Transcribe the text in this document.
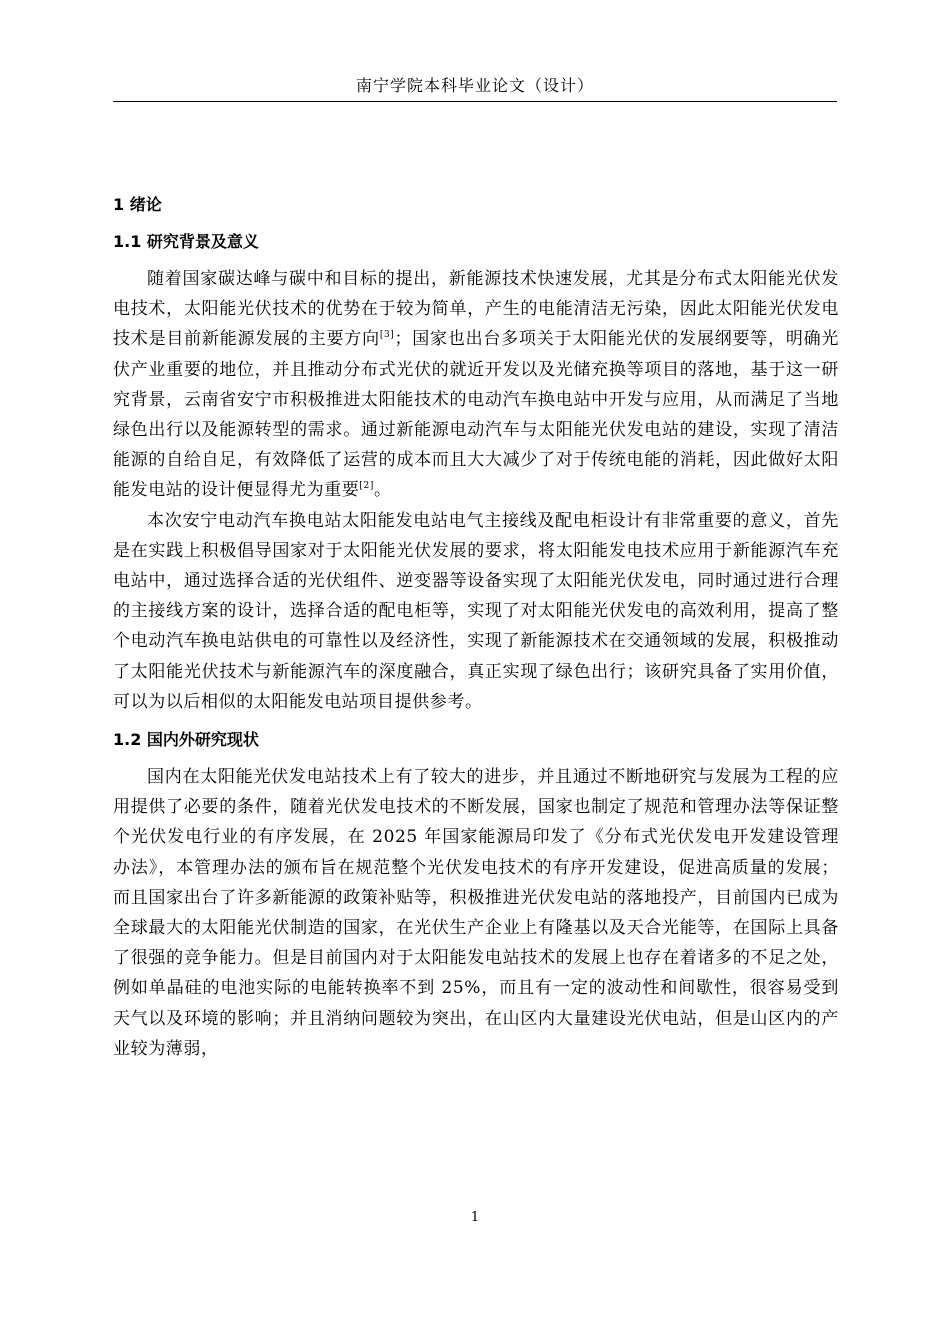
南宁学院本科毕业论文（设计）
1 绪论
1.1 研究背景及意义

随着国家碳达峰与碳中和目标的提出，新能源技术快速发展，尤其是分布式太阳能光伏发电技术，太阳能光伏技术的优势在于较为简单，产生的电能清洁无污染，因此太阳能光伏发电技术是目前新能源发展的主要方向[3]；国家也出台多项关于太阳能光伏的发展纲要等，明确光伏产业重要的地位，并且推动分布式光伏的就近开发以及光储充换等项目的落地，基于这一研究背景，云南省安宁市积极推进太阳能技术的电动汽车换电站中开发与应用，从而满足了当地绿色出行以及能源转型的需求。通过新能源电动汽车与太阳能光伏发电站的建设，实现了清洁能源的自给自足，有效降低了运营的成本而且大大减少了对于传统电能的消耗，因此做好太阳能发电站的设计便显得尤为重要[2]。

本次安宁电动汽车换电站太阳能发电站电气主接线及配电柜设计有非常重要的意义，首先是在实践上积极倡导国家对于太阳能光伏发展的要求，将太阳能发电技术应用于新能源汽车充电站中，通过选择合适的光伏组件、逆变器等设备实现了太阳能光伏发电，同时通过进行合理的主接线方案的设计，选择合适的配电柜等，实现了对太阳能光伏发电的高效利用，提高了整个电动汽车换电站供电的可靠性以及经济性，实现了新能源技术在交通领域的发展，积极推动了太阳能光伏技术与新能源汽车的深度融合，真正实现了绿色出行；该研究具备了实用价值，可以为以后相似的太阳能发电站项目提供参考。

1.2 国内外研究现状

国内在太阳能光伏发电站技术上有了较大的进步，并且通过不断地研究与发展为工程的应用提供了必要的条件，随着光伏发电技术的不断发展，国家也制定了规范和管理办法等保证整个光伏发电行业的有序发展，在 2025 年国家能源局印发了《分布式光伏发电开发建设管理办法》，本管理办法的颁布旨在规范整个光伏发电技术的有序开发建设，促进高质量的发展；而且国家出台了许多新能源的政策补贴等，积极推进光伏发电站的落地投产，目前国内已成为全球最大的太阳能光伏制造的国家，在光伏生产企业上有隆基以及天合光能等，在国际上具备了很强的竞争能力。但是目前国内对于太阳能发电站技术的发展上也存在着诸多的不足之处，例如单晶硅的电池实际的电能转换率不到 25%，而且有一定的波动性和间歇性，很容易受到天气以及环境的影响；并且消纳问题较为突出，在山区内大量建设光伏电站，但是山区内的产业较为薄弱，

1
